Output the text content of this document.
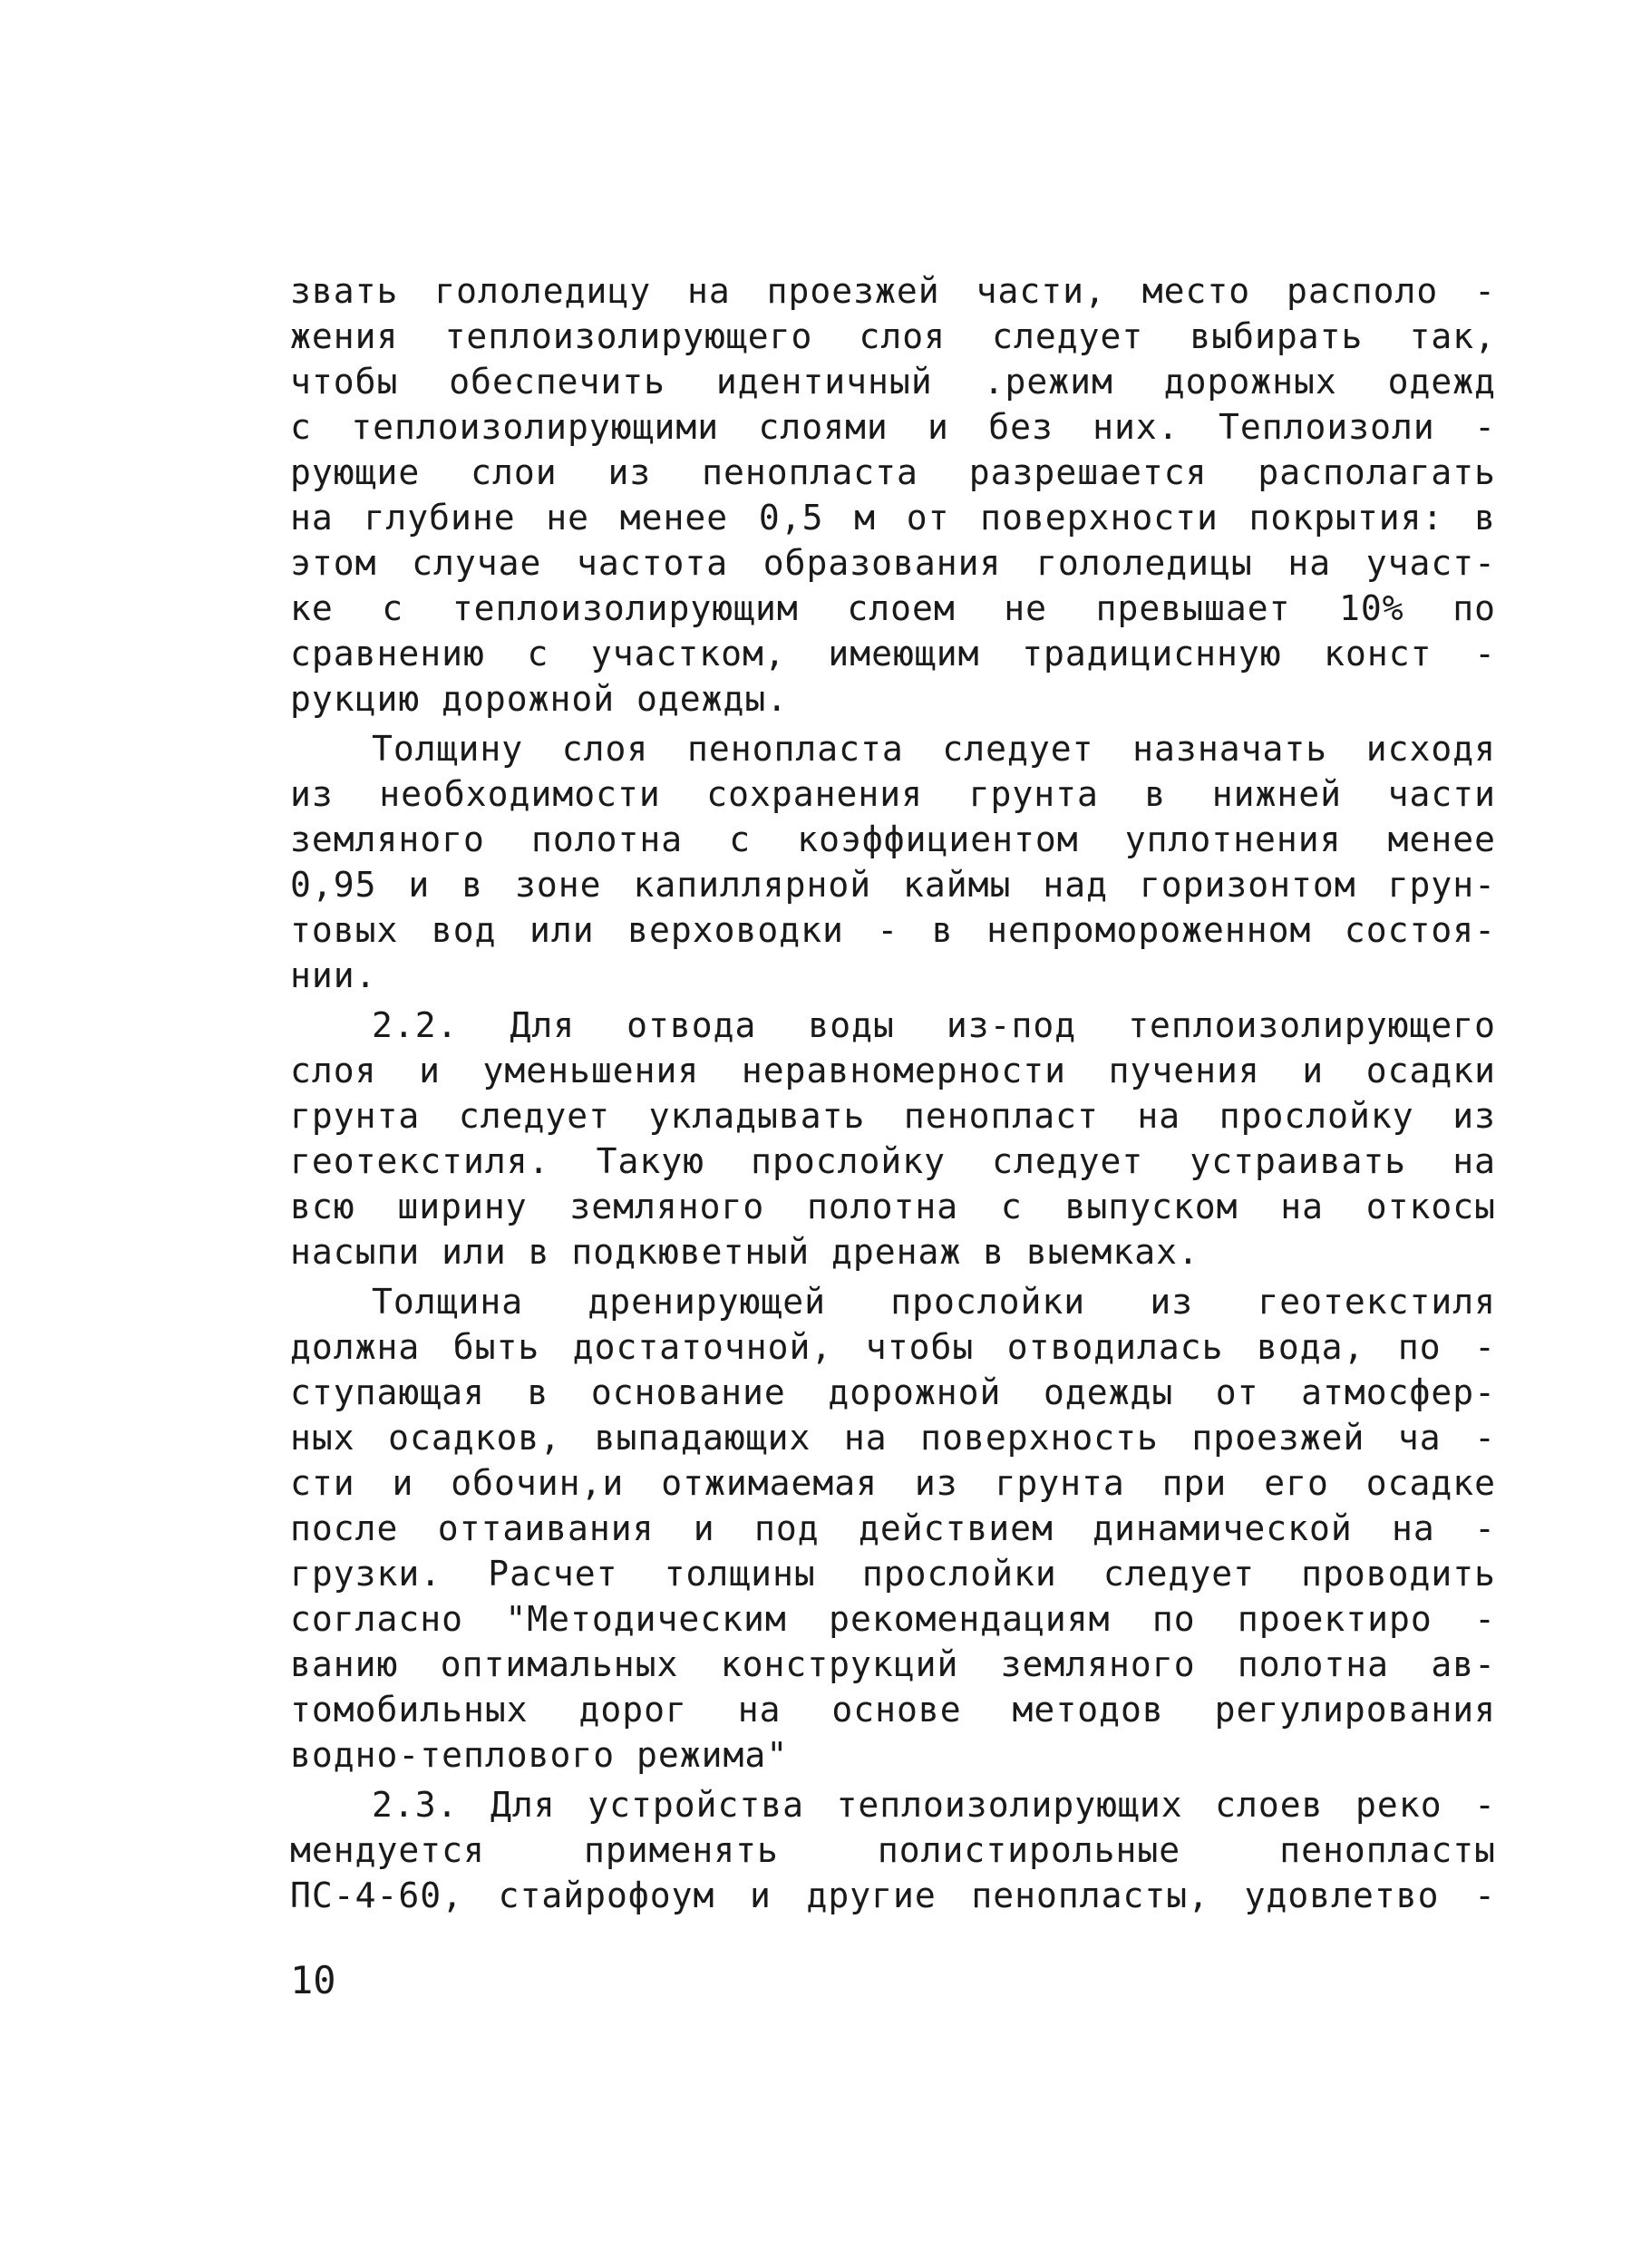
звать гололедицу на проезжей части, место располо -
жения теплоизолирующего слоя следует выбирать так,
чтобы обеспечить идентичный .режим дорожных одежд
с теплоизолирующими слоями и без них. Теплоизоли -
рующие слои из пенопласта разрешается располагать
на глубине не менее 0,5 м от поверхности покрытия: в
этом случае частота образования гололедицы на участ-
ке с теплоизолирующим слоем не превышает 10% по
сравнению с участком, имеющим традициснную конст -
рукцию дорожной одежды.
Толщину слоя пенопласта следует назначать исходя
из необходимости сохранения грунта в нижней части
земляного полотна с коэффициентом уплотнения менее
0,95 и в зоне капиллярной каймы над горизонтом грун-
товых вод или верховодки - в непромороженном состоя-
нии.
2.2. Для отвода воды из-под теплоизолирующего
слоя и уменьшения неравномерности пучения и осадки
грунта следует укладывать пенопласт на прослойку из
геотекстиля. Такую прослойку следует устраивать на
всю ширину земляного полотна с выпуском на откосы
насыпи или в подкюветный дренаж в выемках.
Толщина дренирующей прослойки из геотекстиля
должна быть достаточной, чтобы отводилась вода, по -
ступающая в основание дорожной одежды от атмосфер-
ных осадков, выпадающих на поверхность проезжей ча -
сти и обочин,и отжимаемая из грунта при его осадке
после оттаивания и под действием динамической на -
грузки. Расчет толщины прослойки следует проводить
согласно "Методическим рекомендациям по проектиро -
ванию оптимальных конструкций земляного полотна ав-
томобильных дорог на основе методов регулирования
водно-теплового режима"
2.3. Для устройства теплоизолирующих слоев реко -
мендуется применять полистирольные пенопласты
ПС-4-60, стайрофоум и другие пенопласты, удовлетво -
10
